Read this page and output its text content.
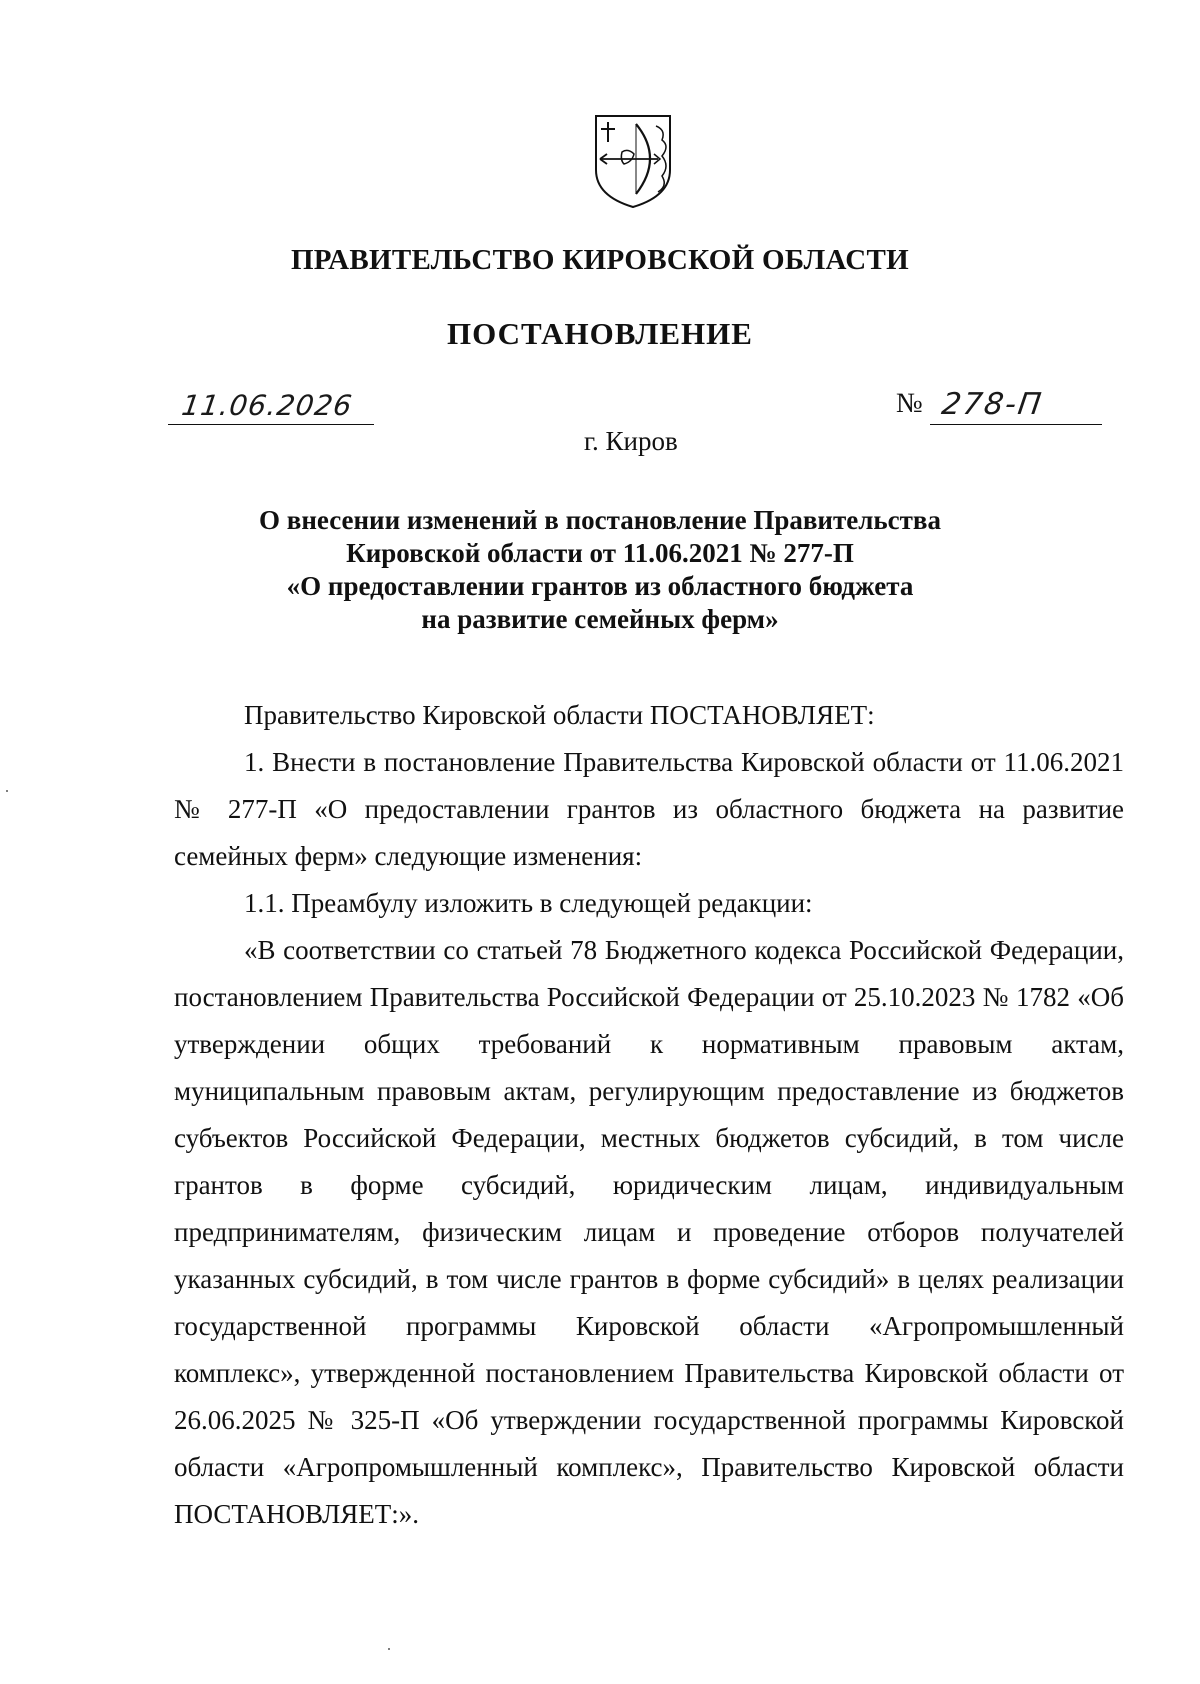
ПРАВИТЕЛЬСТВО КИРОВСКОЙ ОБЛАСТИ
ПОСТАНОВЛЕНИЕ
11.06.2026	№ 278-П
г. Киров
О внесении изменений в постановление Правительства
Кировской области от 11.06.2021 № 277-П
«О предоставлении грантов из областного бюджета
на развитие семейных ферм»

Правительство Кировской области ПОСТАНОВЛЯЕТ:

1. Внести в постановление Правительства Кировской области от 11.06.2021 № 277-П «О предоставлении грантов из областного бюджета на развитие семейных ферм» следующие изменения:

1.1. Преамбулу изложить в следующей редакции:

«В соответствии со статьей 78 Бюджетного кодекса Российской Федерации, постановлением Правительства Российской Федерации от 25.10.2023 № 1782 «Об утверждении общих требований к нормативным правовым актам, муниципальным правовым актам, регулирующим предоставление из бюджетов субъектов Российской Федерации, местных бюджетов субсидий, в том числе грантов в форме субсидий, юридическим лицам, индивидуальным предпринимателям, физическим лицам и проведение отборов получателей указанных субсидий, в том числе грантов в форме субсидий» в целях реализации государственной программы Кировской области «Агропромышленный комплекс», утвержденной постановлением Правительства Кировской области от 26.06.2025 № 325-П «Об утверждении государственной программы Кировской области «Агропромышленный комплекс», Правительство Кировской области ПОСТАНОВЛЯЕТ:».
